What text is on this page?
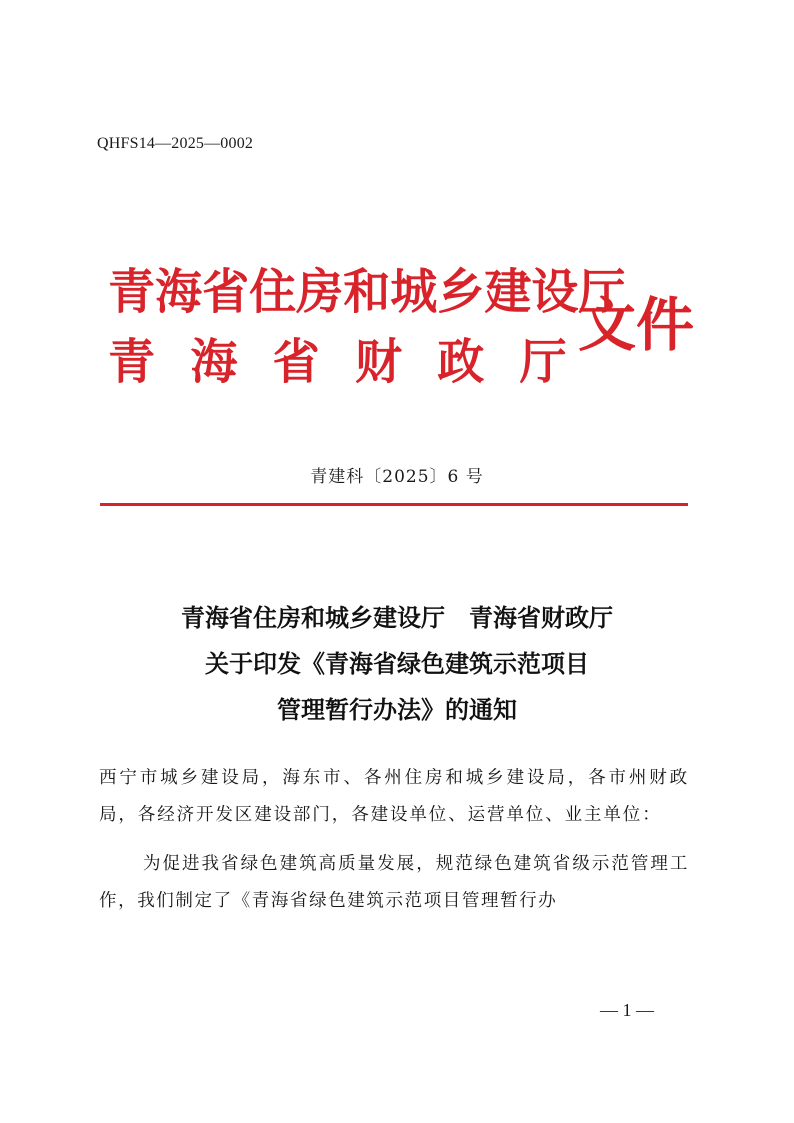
QHFS14—2025—0002
青海省住房和城乡建设厅
青海省财政厅
文件
青建科〔2025〕6 号
青海省住房和城乡建设厅　青海省财政厅
关于印发《青海省绿色建筑示范项目
管理暂行办法》的通知
西宁市城乡建设局，海东市、各州住房和城乡建设局，各市州财政局，各经济开发区建设部门，各建设单位、运营单位、业主单位：
为促进我省绿色建筑高质量发展，规范绿色建筑省级示范管理工作，我们制定了《青海省绿色建筑示范项目管理暂行办
— 1 —
